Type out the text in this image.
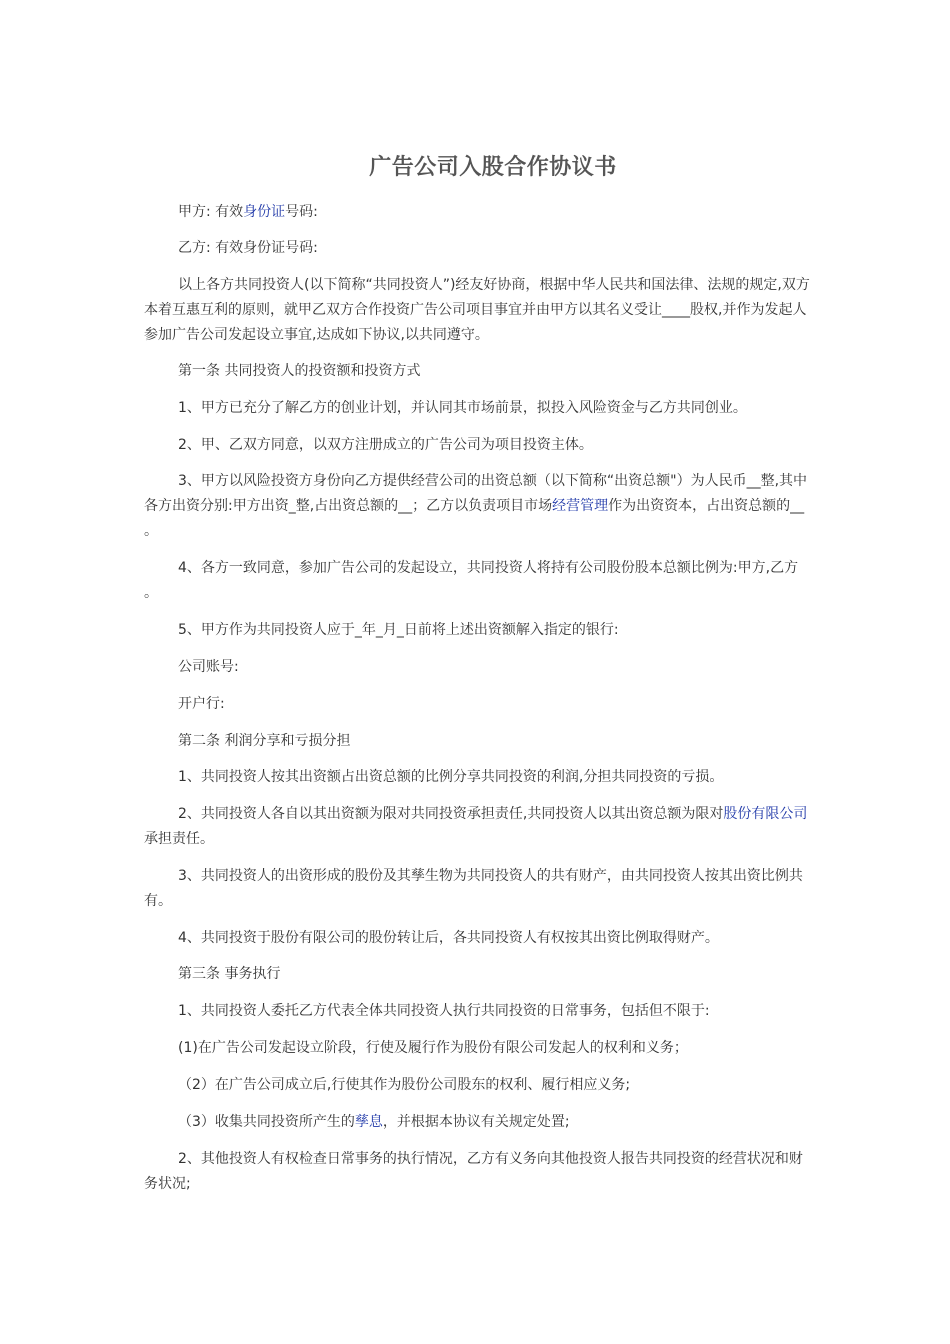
广告公司入股合作协议书

甲方: 有效身份证号码:

乙方: 有效身份证号码:

以上各方共同投资人(以下简称“共同投资人”)经友好协商，根据中华人民共和国法律、法规的规定,双方本着互惠互利的原则，就甲乙双方合作投资广告公司项目事宜并由甲方以其名义受让____股权,并作为发起人参加广告公司发起设立事宜,达成如下协议,以共同遵守。

第一条 共同投资人的投资额和投资方式

1、甲方已充分了解乙方的创业计划，并认同其市场前景，拟投入风险资金与乙方共同创业。

2、甲、乙双方同意，以双方注册成立的广告公司为项目投资主体。

3、甲方以风险投资方身份向乙方提供经营公司的出资总额（以下简称“出资总额"）为人民币__整,其中各方出资分别:甲方出资_整,占出资总额的__；乙方以负责项目市场经营管理作为出资资本，占出资总额的__ 。

4、各方一致同意，参加广告公司的发起设立，共同投资人将持有公司股份股本总额比例为:甲方,乙方 。

5、甲方作为共同投资人应于_年_月_日前将上述出资额解入指定的银行:

公司账号:

开户行:

第二条 利润分享和亏损分担

1、共同投资人按其出资额占出资总额的比例分享共同投资的利润,分担共同投资的亏损。

2、共同投资人各自以其出资额为限对共同投资承担责任,共同投资人以其出资总额为限对股份有限公司承担责任。

3、共同投资人的出资形成的股份及其孳生物为共同投资人的共有财产，由共同投资人按其出资比例共有。

4、共同投资于股份有限公司的股份转让后，各共同投资人有权按其出资比例取得财产。

第三条 事务执行

1、共同投资人委托乙方代表全体共同投资人执行共同投资的日常事务，包括但不限于:

(1)在广告公司发起设立阶段，行使及履行作为股份有限公司发起人的权利和义务；

（2）在广告公司成立后,行使其作为股份公司股东的权利、履行相应义务;

（3）收集共同投资所产生的孳息，并根据本协议有关规定处置;

2、其他投资人有权检查日常事务的执行情况，乙方有义务向其他投资人报告共同投资的经营状况和财务状况;
